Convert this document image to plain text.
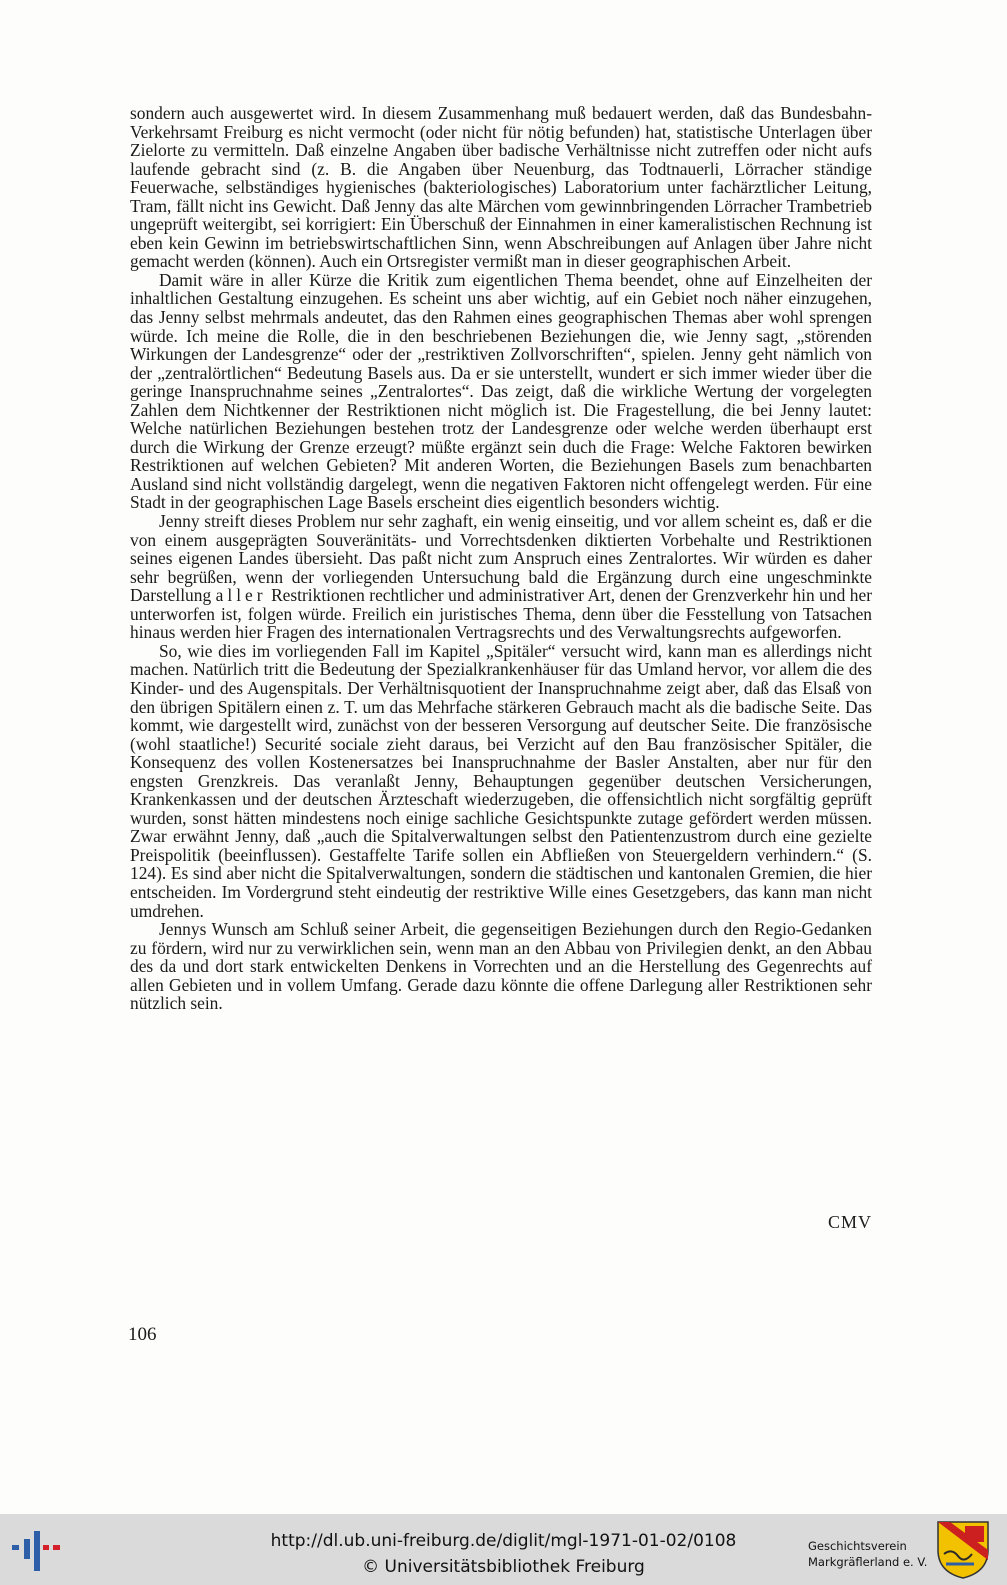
sondern auch ausgewertet wird. In diesem Zusammenhang muß bedauert werden, daß das Bundesbahn-Verkehrsamt Freiburg es nicht vermocht (oder nicht für nötig befunden) hat, statistische Unterlagen über Zielorte zu vermitteln. Daß einzelne Angaben über badische Verhältnisse nicht zutreffen oder nicht aufs laufende gebracht sind (z. B. die Angaben über Neuenburg, das Todtnauerli, Lörracher ständige Feuerwache, selbständiges hygienisches (bakteriologisches) Laboratorium unter fachärztlicher Leitung, Tram, fällt nicht ins Gewicht. Daß Jenny das alte Märchen vom gewinnbringenden Lörracher Trambetrieb ungeprüft weitergibt, sei korrigiert: Ein Überschuß der Einnahmen in einer kameralistischen Rechnung ist eben kein Gewinn im betriebswirtschaftlichen Sinn, wenn Abschreibungen auf Anlagen über Jahre nicht gemacht werden (können). Auch ein Ortsregister vermißt man in dieser geographischen Arbeit.

Damit wäre in aller Kürze die Kritik zum eigentlichen Thema beendet, ohne auf Einzelheiten der inhaltlichen Gestaltung einzugehen. Es scheint uns aber wichtig, auf ein Gebiet noch näher einzugehen, das Jenny selbst mehrmals andeutet, das den Rahmen eines geographischen Themas aber wohl sprengen würde. Ich meine die Rolle, die in den beschriebenen Beziehungen die, wie Jenny sagt, „störenden Wirkungen der Landesgrenze“ oder der „restriktiven Zollvorschriften“, spielen. Jenny geht nämlich von der „zentralörtlichen“ Bedeutung Basels aus. Da er sie unterstellt, wundert er sich immer wieder über die geringe Inanspruchnahme seines „Zentralortes“. Das zeigt, daß die wirkliche Wertung der vorgelegten Zahlen dem Nichtkenner der Restriktionen nicht möglich ist. Die Fragestellung, die bei Jenny lautet: Welche natürlichen Beziehungen bestehen trotz der Landesgrenze oder welche werden überhaupt erst durch die Wirkung der Grenze erzeugt? müßte ergänzt sein duch die Frage: Welche Faktoren bewirken Restriktionen auf welchen Gebieten? Mit anderen Worten, die Beziehungen Basels zum benachbarten Ausland sind nicht vollständig dargelegt, wenn die negativen Faktoren nicht offengelegt werden. Für eine Stadt in der geographischen Lage Basels erscheint dies eigentlich besonders wichtig.

Jenny streift dieses Problem nur sehr zaghaft, ein wenig einseitig, und vor allem scheint es, daß er die von einem ausgeprägten Souveränitäts- und Vorrechtsdenken diktierten Vorbehalte und Restriktionen seines eigenen Landes übersieht. Das paßt nicht zum Anspruch eines Zentralortes. Wir würden es daher sehr begrüßen, wenn der vorliegenden Untersuchung bald die Ergänzung durch eine ungeschminkte Darstellung aller Restriktionen rechtlicher und administrativer Art, denen der Grenzverkehr hin und her unterworfen ist, folgen würde. Freilich ein juristisches Thema, denn über die Fesstellung von Tatsachen hinaus werden hier Fragen des internationalen Vertragsrechts und des Verwaltungsrechts aufgeworfen.

So, wie dies im vorliegenden Fall im Kapitel „Spitäler“ versucht wird, kann man es allerdings nicht machen. Natürlich tritt die Bedeutung der Spezialkrankenhäuser für das Umland hervor, vor allem die des Kinder- und des Augenspitals. Der Verhältnisquotient der Inanspruchnahme zeigt aber, daß das Elsaß von den übrigen Spitälern einen z. T. um das Mehrfache stärkeren Gebrauch macht als die badische Seite. Das kommt, wie dargestellt wird, zunächst von der besseren Versorgung auf deutscher Seite. Die französische (wohl staatliche!) Securité sociale zieht daraus, bei Verzicht auf den Bau französischer Spitäler, die Konsequenz des vollen Kostenersatzes bei Inanspruchnahme der Basler Anstalten, aber nur für den engsten Grenzkreis. Das veranlaßt Jenny, Behauptungen gegenüber deutschen Versicherungen, Krankenkassen und der deutschen Ärzteschaft wiederzugeben, die offensichtlich nicht sorgfältig geprüft wurden, sonst hätten mindestens noch einige sachliche Gesichtspunkte zutage gefördert werden müssen. Zwar erwähnt Jenny, daß „auch die Spitalverwaltungen selbst den Patientenzustrom durch eine gezielte Preispolitik (beeinflussen). Gestaffelte Tarife sollen ein Abfließen von Steuergeldern verhindern.“ (S. 124). Es sind aber nicht die Spitalverwaltungen, sondern die städtischen und kantonalen Gremien, die hier entscheiden. Im Vordergrund steht eindeutig der restriktive Wille eines Gesetzgebers, das kann man nicht umdrehen.

Jennys Wunsch am Schluß seiner Arbeit, die gegenseitigen Beziehungen durch den Regio-Gedanken zu fördern, wird nur zu verwirklichen sein, wenn man an den Abbau von Privilegien denkt, an den Abbau des da und dort stark entwickelten Denkens in Vorrechten und an die Herstellung des Gegenrechts auf allen Gebieten und in vollem Umfang. Gerade dazu könnte die offene Darlegung aller Restriktionen sehr nützlich sein.

CMV
106
http://dl.ub.uni-freiburg.de/diglit/mgl-1971-01-02/0108
© Universitätsbibliothek Freiburg
Geschichtsverein
Markgräflerland e. V.
